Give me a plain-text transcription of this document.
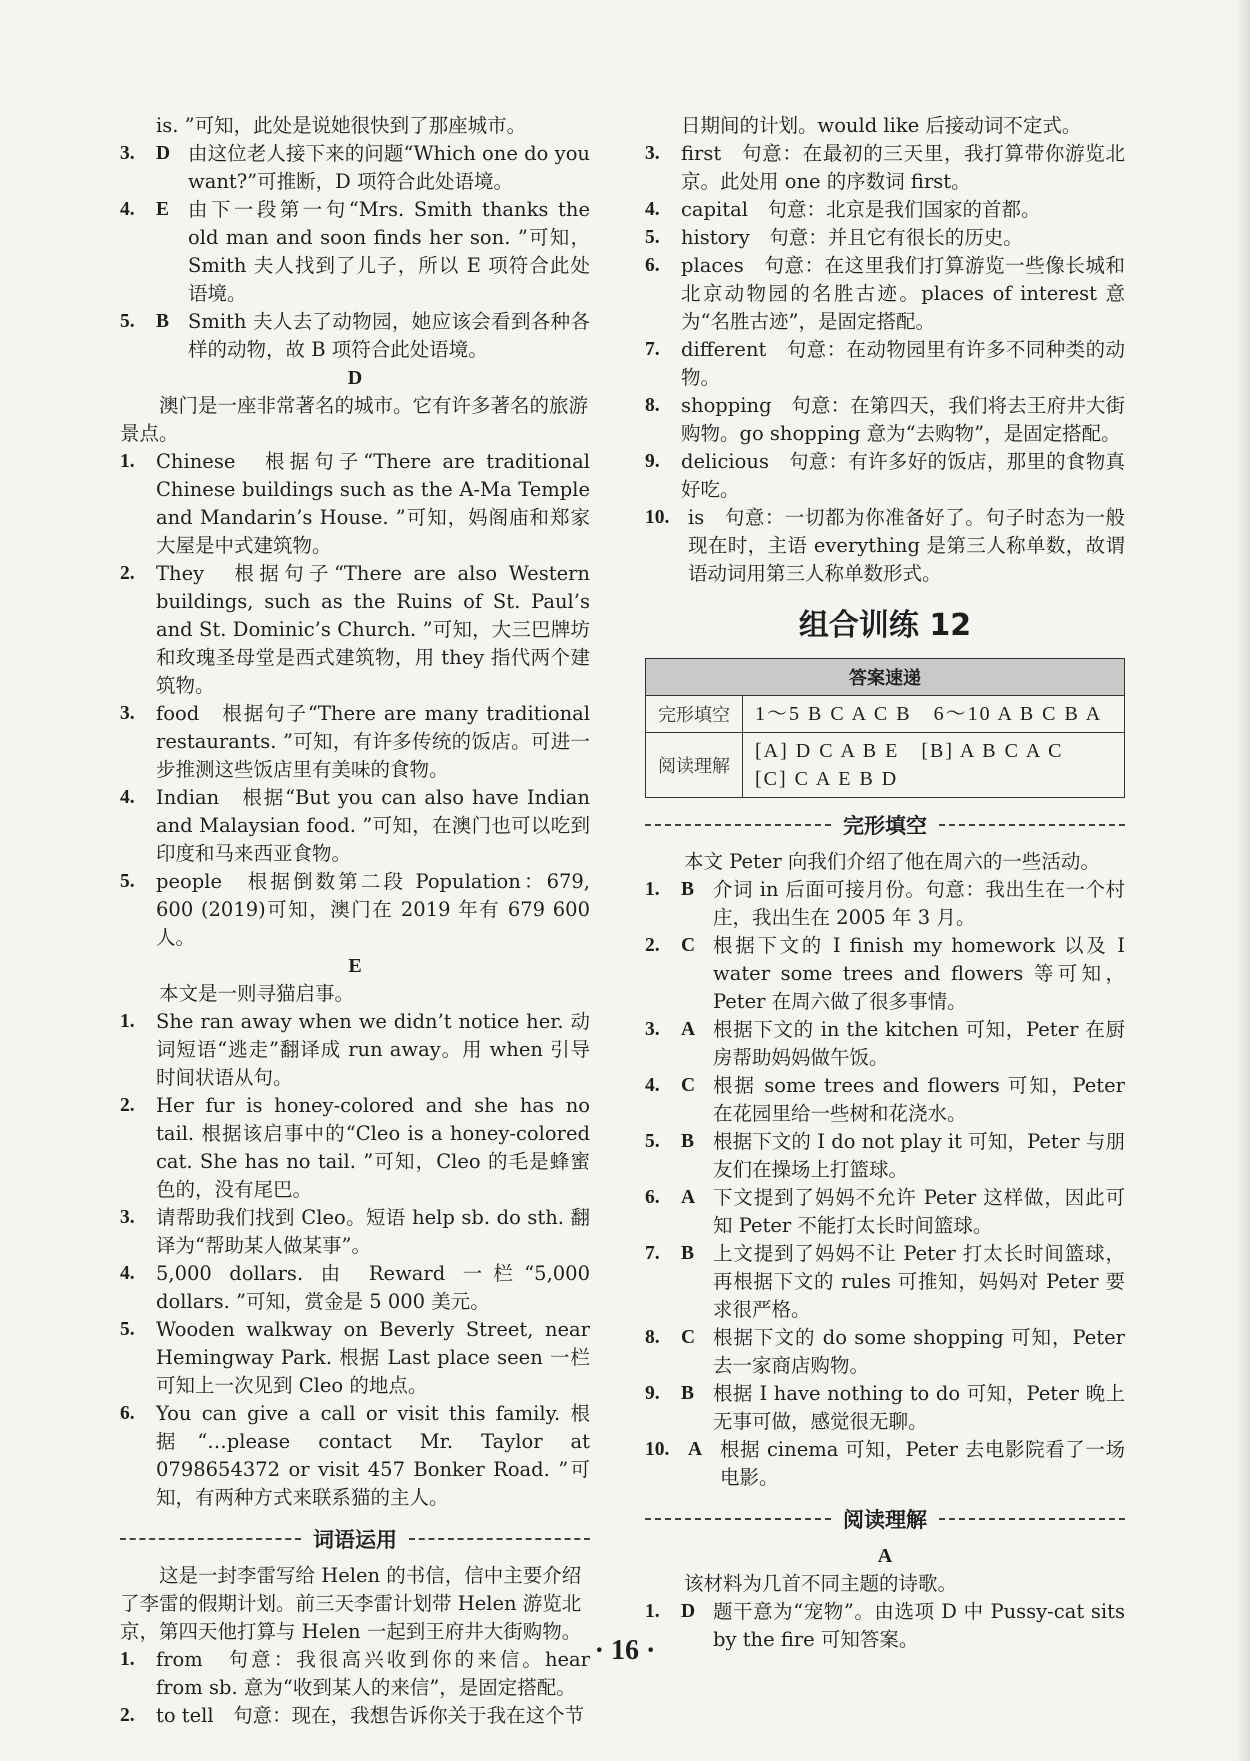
is. ”可知，此处是说她很快到了那座城市。
3.	D 由这位老人接下来的问题“Which one do you want?”可推断，D 项符合此处语境。
4.	E 由下一段第一句“Mrs. Smith thanks the old man and soon finds her son. ”可知，Smith 夫人找到了儿子，所以 E 项符合此处语境。
5.	B Smith 夫人去了动物园，她应该会看到各种各样的动物，故 B 项符合此处语境。
D

澳门是一座非常著名的城市。它有许多著名的旅游景点。

1.	Chinese　根据句子“There are traditional Chinese buildings such as the A-Ma Temple and Mandarin’s House. ”可知，妈阁庙和郑家大屋是中式建筑物。
2.	They　根据句子“There are also Western buildings, such as the Ruins of St. Paul’s and St. Dominic’s Church. ”可知，大三巴牌坊和玫瑰圣母堂是西式建筑物，用 they 指代两个建筑物。
3.	food　根据句子“There are many traditional restaurants. ”可知，有许多传统的饭店。可进一步推测这些饭店里有美味的食物。
4.	Indian　根据“But you can also have Indian and Malaysian food. ”可知，在澳门也可以吃到印度和马来西亚食物。
5.	people　根据倒数第二段 Population：679, 600 (2019)可知，澳门在 2019 年有 679 600 人。
E

本文是一则寻猫启事。

1.	She ran away when we didn’t notice her. 动词短语“逃走”翻译成 run away。用 when 引导时间状语从句。
2.	Her fur is honey-colored and she has no tail. 根据该启事中的“Cleo is a honey-colored cat. She has no tail. ”可知，Cleo 的毛是蜂蜜色的，没有尾巴。
3.	请帮助我们找到 Cleo。短语 help sb. do sth. 翻译为“帮助某人做某事”。
4.	5,000 dollars. 由 Reward 一栏“5,000 dollars. ”可知，赏金是 5 000 美元。
5.	Wooden walkway on Beverly Street, near Hemingway Park. 根据 Last place seen 一栏可知上一次见到 Cleo 的地点。
6.	You can give a call or visit this family. 根据“…please contact Mr. Taylor at 0798654372 or visit 457 Bonker Road. ”可知，有两种方式来联系猫的主人。
词语运用

这是一封李雷写给 Helen 的书信，信中主要介绍了李雷的假期计划。前三天李雷计划带 Helen 游览北京，第四天他打算与 Helen 一起到王府井大街购物。

1.	from　句意：我很高兴收到你的来信。hear from sb. 意为“收到某人的来信”，是固定搭配。
2.	to tell　句意：现在，我想告诉你关于我在这个节
日期间的计划。would like 后接动词不定式。
3.	first　句意：在最初的三天里，我打算带你游览北京。此处用 one 的序数词 first。
4.	capital　句意：北京是我们国家的首都。
5.	history　句意：并且它有很长的历史。
6.	places　句意：在这里我们打算游览一些像长城和北京动物园的名胜古迹。places of interest 意为“名胜古迹”，是固定搭配。
7.	different　句意：在动物园里有许多不同种类的动物。
8.	shopping　句意：在第四天，我们将去王府井大街购物。go shopping 意为“去购物”，是固定搭配。
9.	delicious　句意：有许多好的饭店，那里的食物真好吃。
10. is　句意：一切都为你准备好了。句子时态为一般现在时，主语 everything 是第三人称单数，故谓语动词用第三人称单数形式。
组合训练 12
答案速递	
完形填空	1～5 B C A C B　6～10 A B C B A
阅读理解	[A] D C A B E　[B] A B C A C
[C] C A E B D
完形填空

本文 Peter 向我们介绍了他在周六的一些活动。

1.	B 介词 in 后面可接月份。句意：我出生在一个村庄，我出生在 2005 年 3 月。
2.	C 根据下文的 I finish my homework 以及 I water some trees and flowers 等可知，Peter 在周六做了很多事情。
3.	A 根据下文的 in the kitchen 可知，Peter 在厨房帮助妈妈做午饭。
4.	C 根据 some trees and flowers 可知，Peter 在花园里给一些树和花浇水。
5.	B 根据下文的 I do not play it 可知，Peter 与朋友们在操场上打篮球。
6.	A 下文提到了妈妈不允许 Peter 这样做，因此可知 Peter 不能打太长时间篮球。
7.	B 上文提到了妈妈不让 Peter 打太长时间篮球，再根据下文的 rules 可推知，妈妈对 Peter 要求很严格。
8.	C 根据下文的 do some shopping 可知，Peter 去一家商店购物。
9.	B 根据 I have nothing to do 可知，Peter 晚上无事可做，感觉很无聊。
10. A 根据 cinema 可知，Peter 去电影院看了一场电影。
阅读理解
A

该材料为几首不同主题的诗歌。

1.	D 题干意为“宠物”。由选项 D 中 Pussy-cat sits by the fire 可知答案。
· 16 ·
